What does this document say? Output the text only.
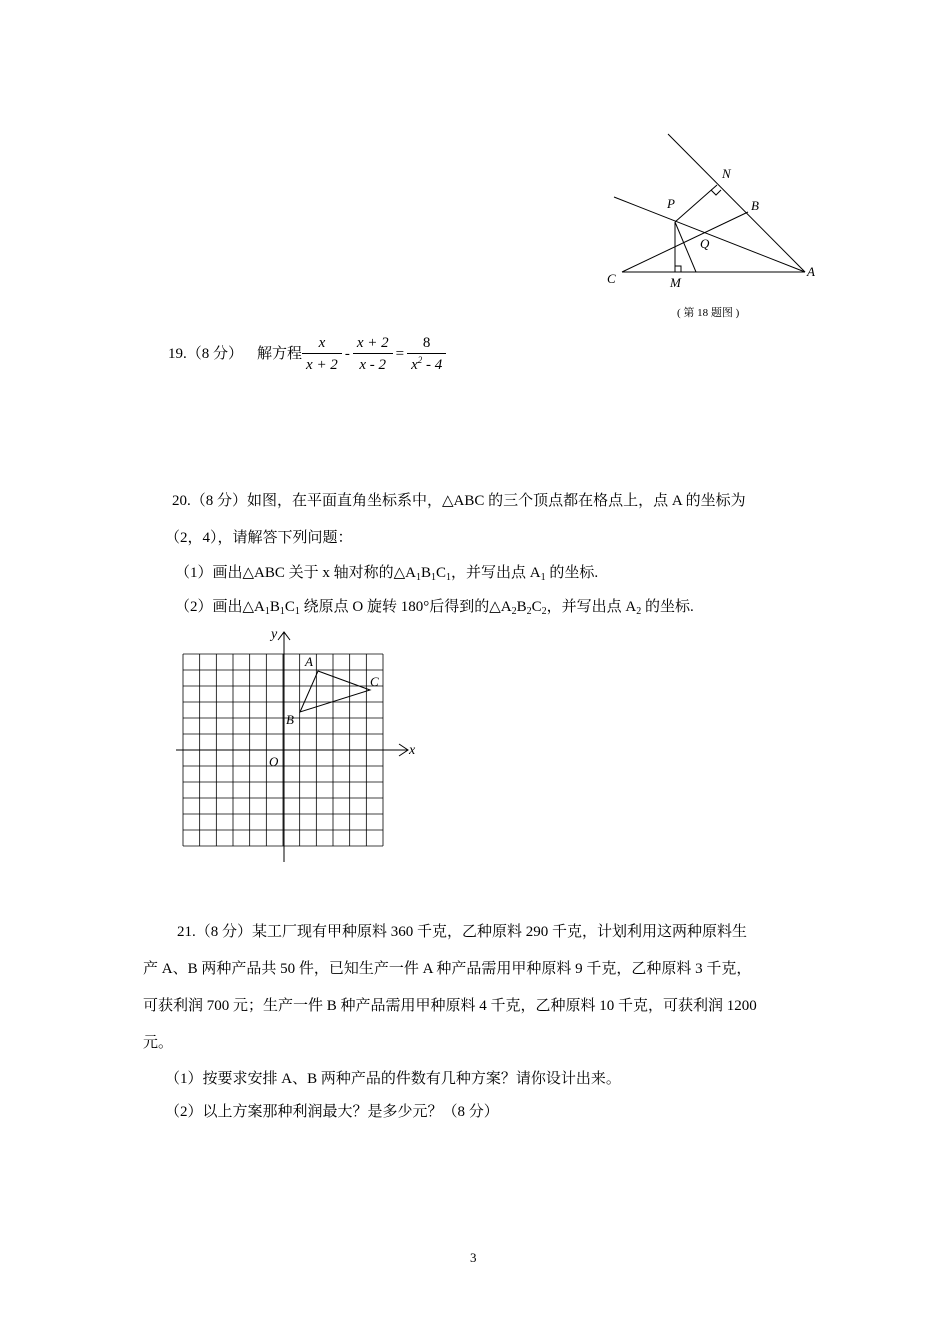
N
P	B
Q
C	M
A
( 第 18 题图 )
19.（8 分） 解方程 $\frac{x}{x + 2} - \frac{x + 2}{x - 2} = \frac{8}{x^2 - 4}$
20.（8 分）如图，在平面直角坐标系中，△ABC 的三个顶点都在格点上，点 A 的坐标为
（2，4），请解答下列问题：
（1）画出△ABC 关于 x 轴对称的$\triangle A_1B_1C_1$，并写出点 $A_1$ 的坐标.
（2）画出$\triangle A_1B_1C_1$ 绕原点 O 旋转 180°后得到的$\triangle A_2B_2C_2$，并写出点 $A_2$ 的坐标.
y
x
O
A
B
C
21.（8 分）某工厂现有甲种原料 360 千克，乙种原料 290 千克，计划利用这两种原料生
产 A、B 两种产品共 50 件，已知生产一件 A 种产品需用甲种原料 9 千克，乙种原料 3 千克，
可获利润 700 元；生产一件 B 种产品需用甲种原料 4 千克，乙种原料 10 千克，可获利润 1200
元。
（1）按要求安排 A、B 两种产品的件数有几种方案？请你设计出来。
（2）以上方案那种利润最大？是多少元？（8 分）
3
